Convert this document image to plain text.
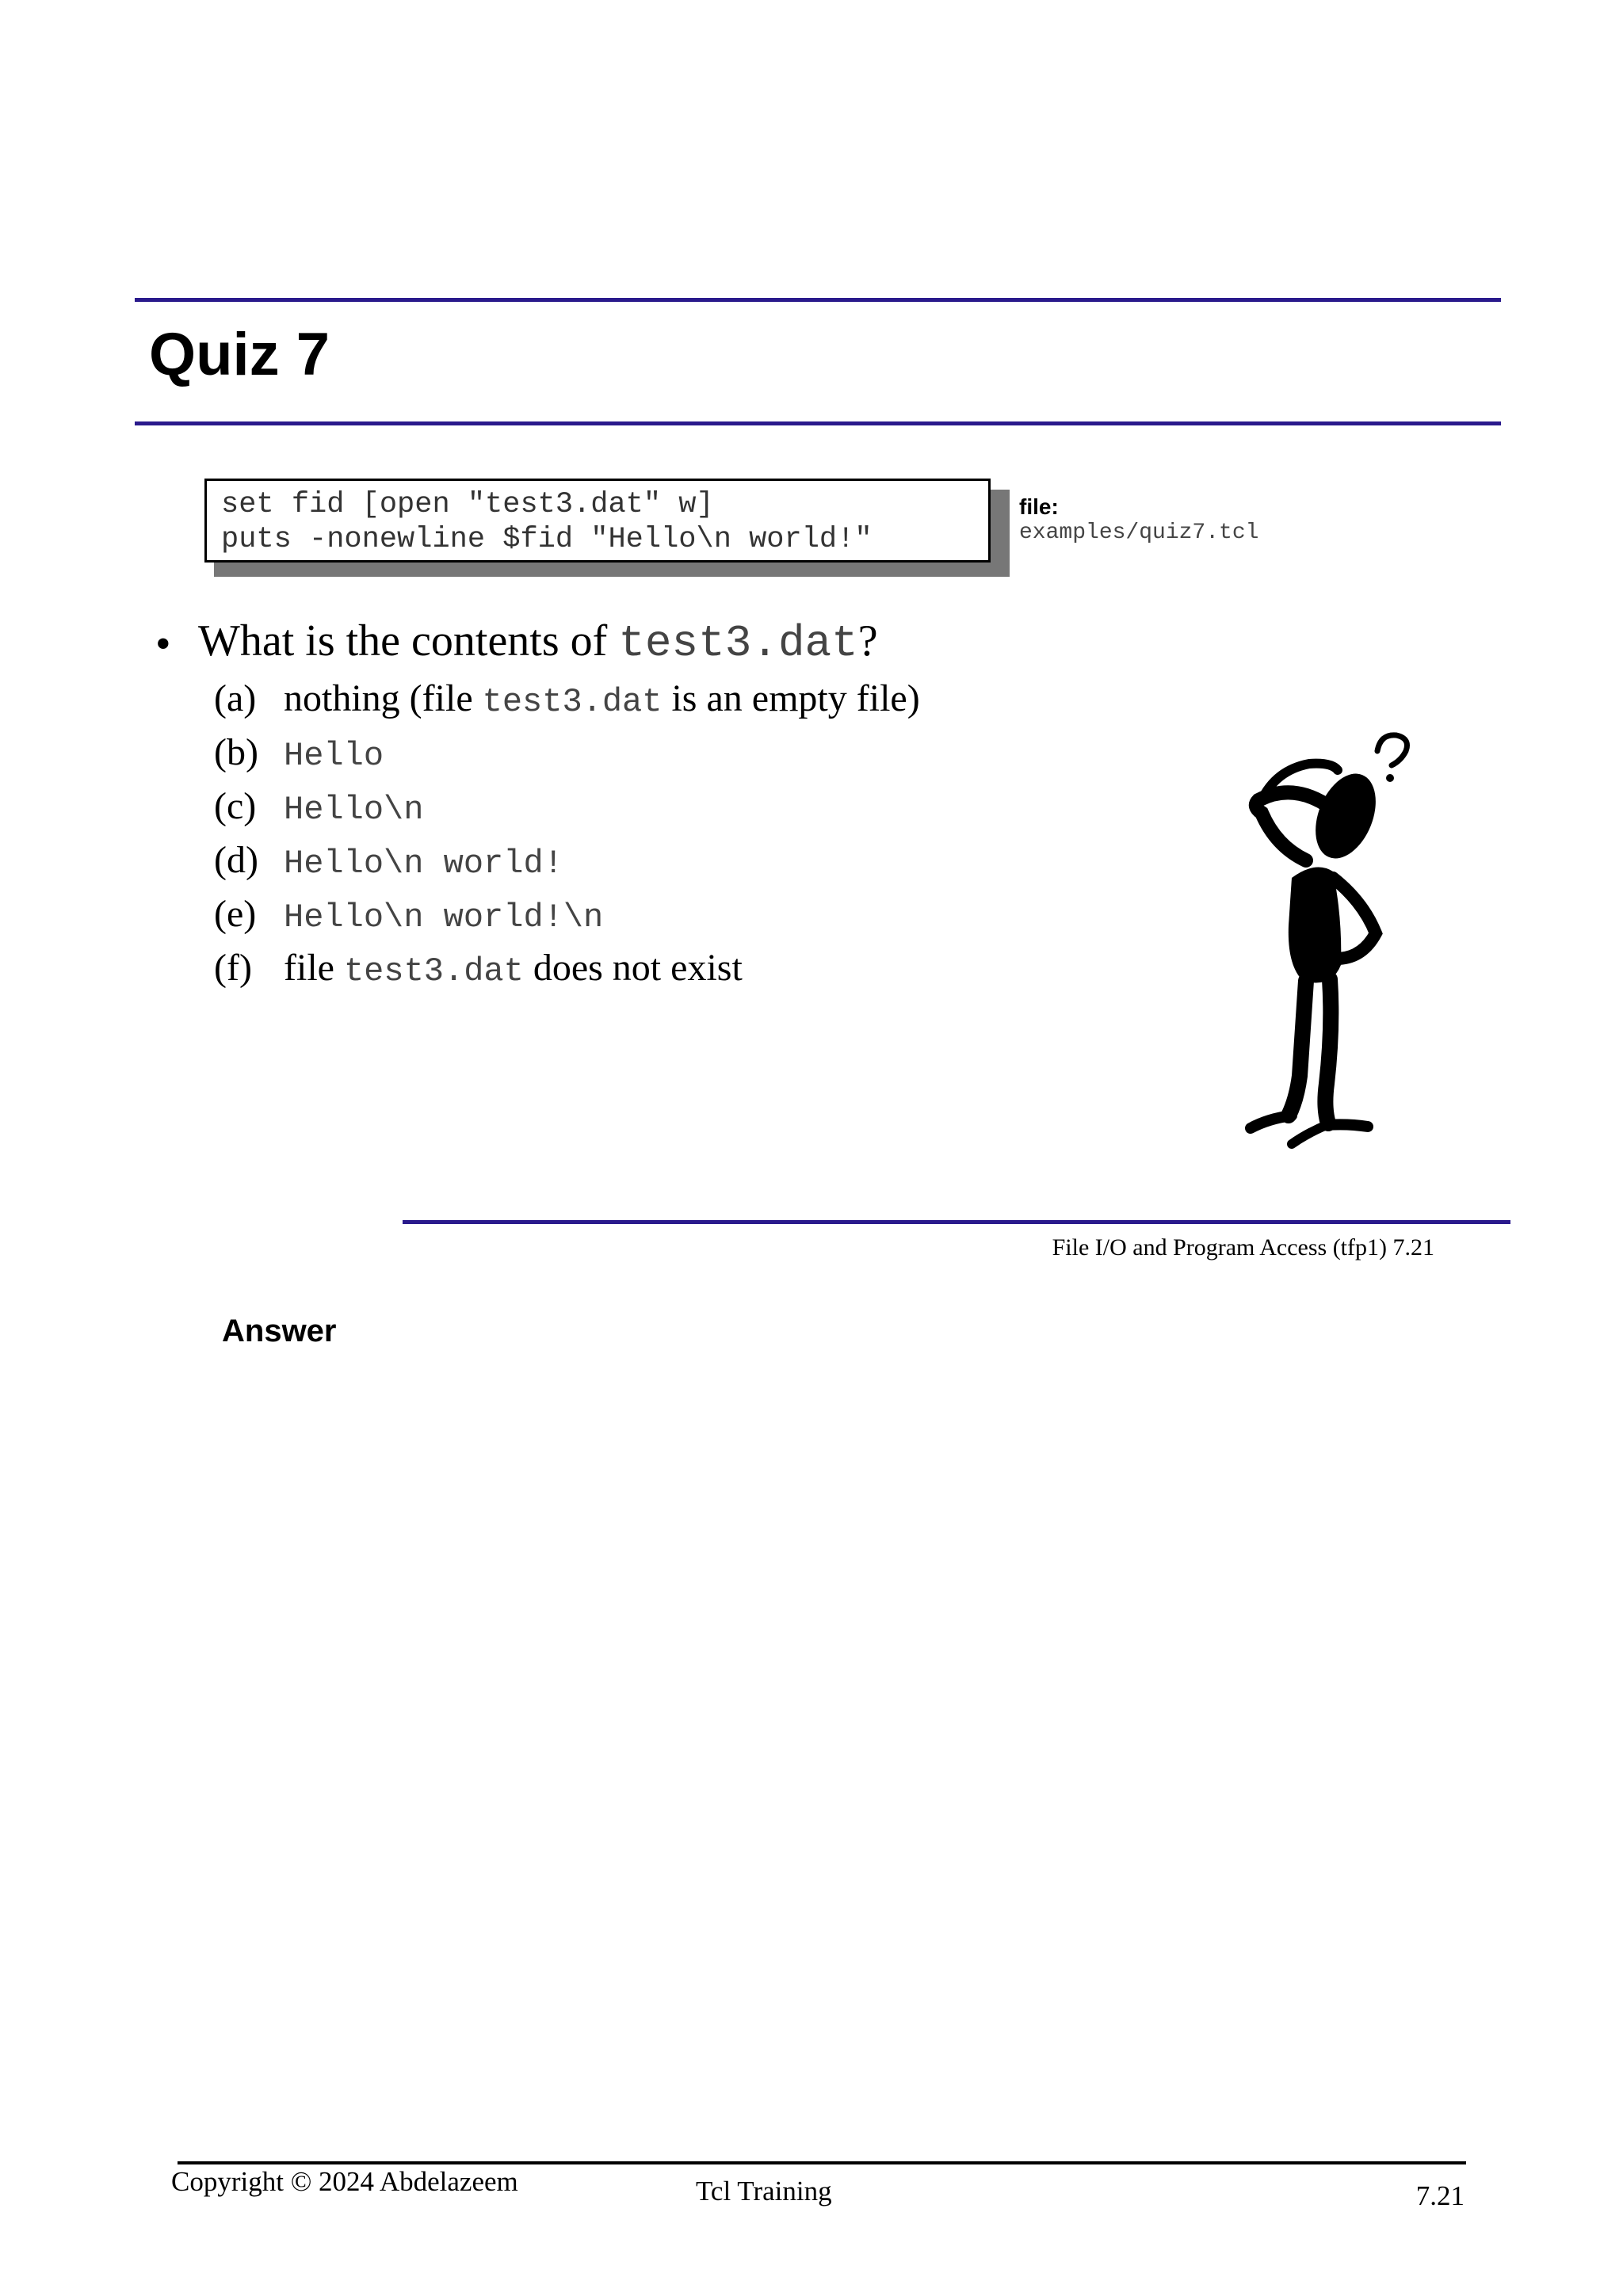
Quiz 7

set fid [open "test3.dat" w]

puts -nonewline $fid "Hello\n world!"

file:

examples/quiz7.tcl

• What is the contents of test3.dat?

(a) nothing (file test3.dat is an empty file)
(b) Hello
(c) Hello\n
(d) Hello\n world!
(e) Hello\n world!\n
(f) file test3.dat does not exist

File I/O and Program Access (tfp1) 7.21

Answer

Copyright © 2024 Abdelazeem	Tcl Training	7.21
